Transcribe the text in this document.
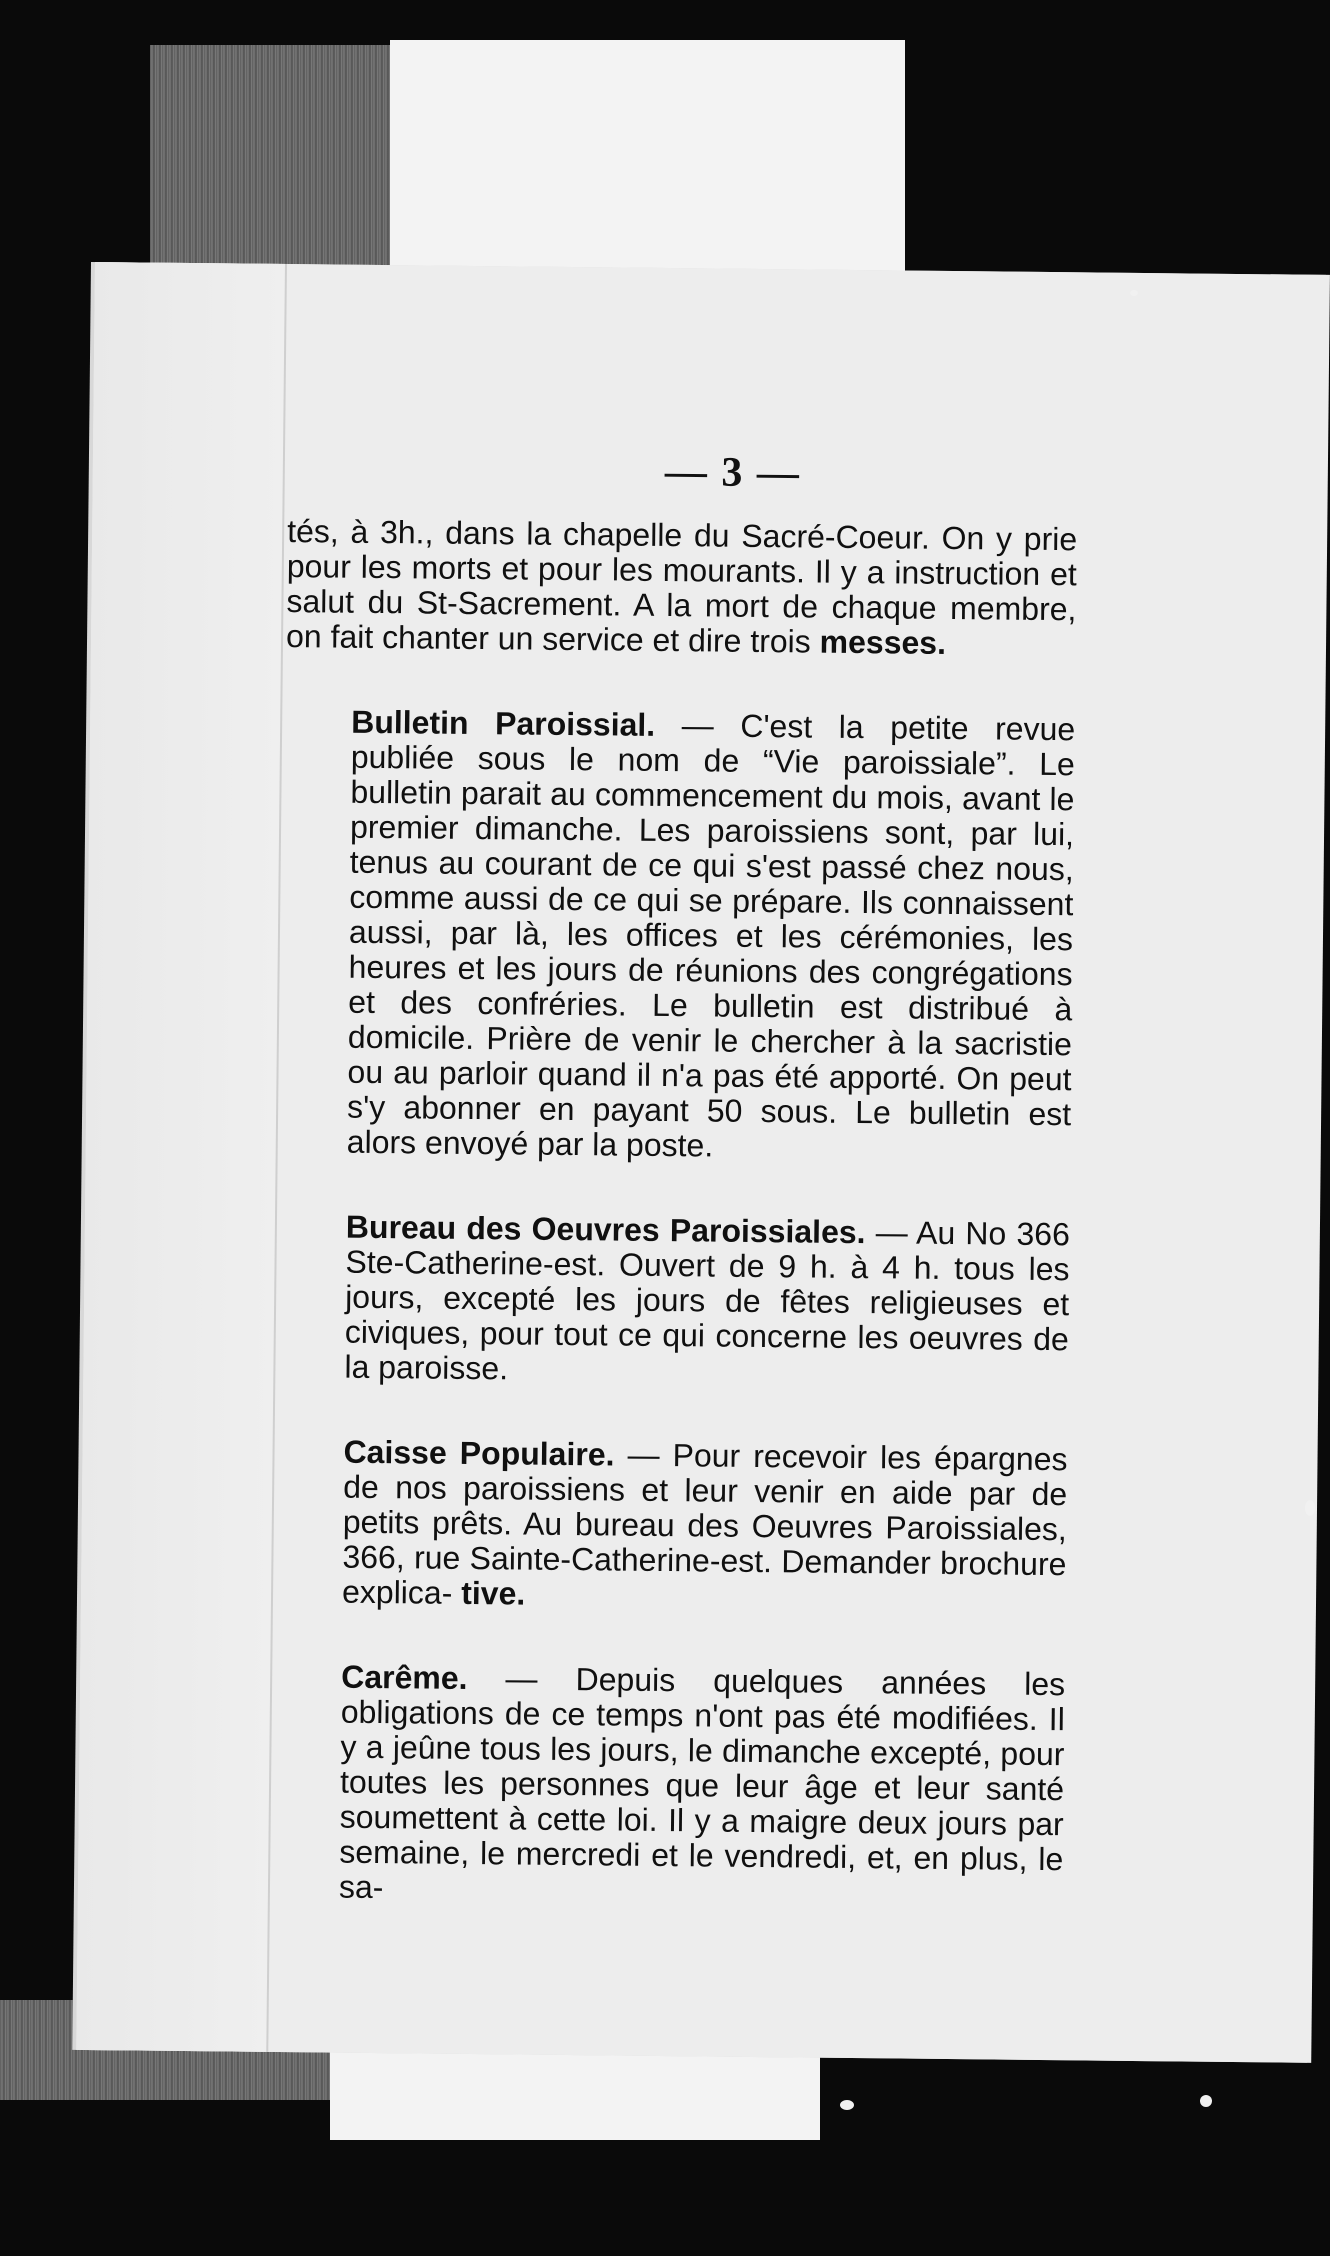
— 3 —

tés, à 3h., dans la chapelle du Sacré-Coeur. On y prie pour les morts et pour les mourants. Il y a instruction et salut du St-Sacrement. A la mort de chaque membre, on fait chanter un service et dire trois messes.

Bulletin Paroissial. — C'est la petite revue publiée sous le nom de “Vie paroissiale”. Le bulletin parait au commencement du mois, avant le premier dimanche. Les paroissiens sont, par lui, tenus au courant de ce qui s'est passé chez nous, comme aussi de ce qui se prépare. Ils connaissent aussi, par là, les offices et les cérémonies, les heures et les jours de réunions des congrégations et des confréries. Le bulletin est distribué à domicile. Prière de venir le chercher à la sacristie ou au parloir quand il n'a pas été apporté. On peut s'y abonner en payant 50 sous. Le bulletin est alors envoyé par la poste.

Bureau des Oeuvres Paroissiales. — Au No 366 Ste-Catherine-est. Ouvert de 9 h. à 4 h. tous les jours, excepté les jours de fêtes religieuses et civiques, pour tout ce qui concerne les oeuvres de la paroisse.

Caisse Populaire. — Pour recevoir les épargnes de nos paroissiens et leur venir en aide par de petits prêts. Au bureau des Oeuvres Paroissiales, 366, rue Sainte-Catherine-est. Demander brochure explica- tive.

Carême. — Depuis quelques années les obligations de ce temps n'ont pas été modifiées. Il y a jeûne tous les jours, le dimanche excepté, pour toutes les personnes que leur âge et leur santé soumettent à cette loi. Il y a maigre deux jours par semaine, le mercredi et le vendredi, et, en plus, le sa-
